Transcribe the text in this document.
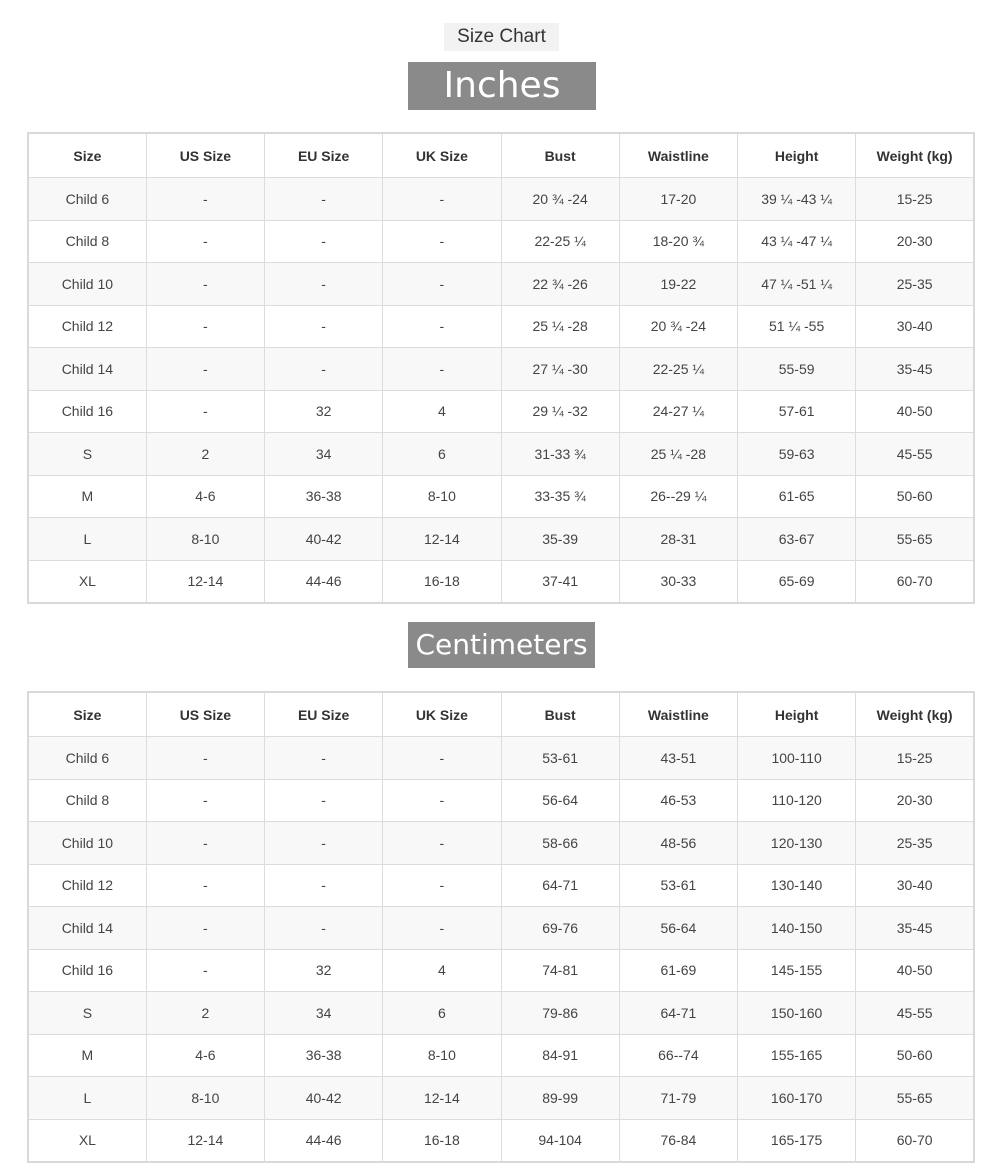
Size Chart
Inches
Size	US Size	EU Size	UK Size	Bust	Waistline	Height	Weight (kg)
Child 6	-	-	-	20 ¾ -24	17-20	39 ¼ -43 ¼	15-25
Child 8	-	-	-	22-25 ¼	18-20 ¾	43 ¼ -47 ¼	20-30
Child 10	-	-	-	22 ¾ -26	19-22	47 ¼ -51 ¼	25-35
Child 12	-	-	-	25 ¼ -28	20 ¾ -24	51 ¼ -55	30-40
Child 14	-	-	-	27 ¼ -30	22-25 ¼	55-59	35-45
Child 16	-	32	4	29 ¼ -32	24-27 ¼	57-61	40-50
S	2	34	6	31-33 ¾	25 ¼ -28	59-63	45-55
M	4-6	36-38	8-10	33-35 ¾	26--29 ¼	61-65	50-60
L	8-10	40-42	12-14	35-39	28-31	63-67	55-65
XL	12-14	44-46	16-18	37-41	30-33	65-69	60-70
Centimeters
Size	US Size	EU Size	UK Size	Bust	Waistline	Height	Weight (kg)
Child 6	-	-	-	53-61	43-51	100-110	15-25
Child 8	-	-	-	56-64	46-53	110-120	20-30
Child 10	-	-	-	58-66	48-56	120-130	25-35
Child 12	-	-	-	64-71	53-61	130-140	30-40
Child 14	-	-	-	69-76	56-64	140-150	35-45
Child 16	-	32	4	74-81	61-69	145-155	40-50
S	2	34	6	79-86	64-71	150-160	45-55
M	4-6	36-38	8-10	84-91	66--74	155-165	50-60
L	8-10	40-42	12-14	89-99	71-79	160-170	55-65
XL	12-14	44-46	16-18	94-104	76-84	165-175	60-70
